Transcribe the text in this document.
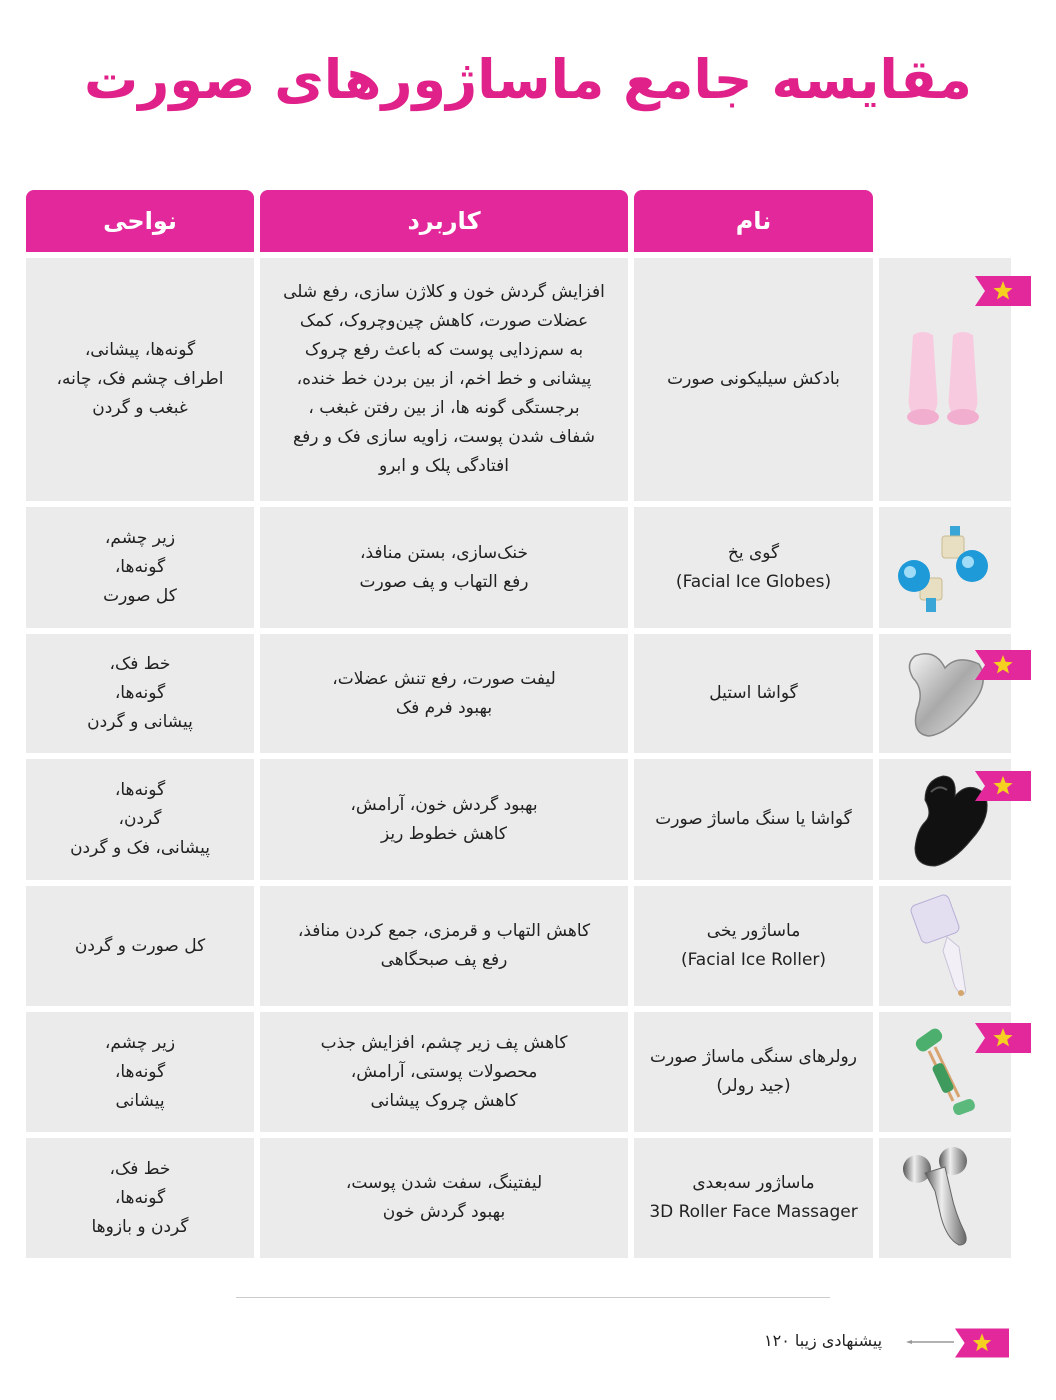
مقایسه جامع ماساژورهای صورت
نام
کاربرد
نواحی
بادکش سیلیکونی صورت
افزایش گردش خون و کلاژن سازی، رفع شلی
عضلات صورت، کاهش چین‌وچروک، کمک
به سم‌زدایی پوست که باعث رفع چروک
پیشانی و خط اخم، از بین بردن خط خنده،
برجستگی گونه ها، از بین رفتن غبغب ،
شفاف شدن پوست، زاویه سازی فک و رفع
افتادگی پلک و ابرو
گونه‌ها، پیشانی،
اطراف چشم فک، چانه،
غبغب و گردن
گوی یخ
(Facial Ice Globes)
خنک‌سازی، بستن منافذ،
رفع التهاب و پف صورت
زیر چشم،
گونه‌ها،
کل صورت
گواشا استیل
لیفت صورت، رفع تنش عضلات،
بهبود فرم فک
خط فک،
گونه‌ها،
پیشانی و گردن
گواشا یا سنگ ماساژ صورت
بهبود گردش خون، آرامش،
کاهش خطوط ریز
گونه‌ها،
گردن،
پیشانی، فک و گردن
ماساژور یخی
(Facial Ice Roller)
کاهش التهاب و قرمزی، جمع کردن منافذ،
رفع پف صبحگاهی
کل صورت و گردن
رولرهای سنگی ماساژ صورت
(جید رولر)
کاهش پف زیر چشم، افزایش جذب
محصولات پوستی، آرامش،
کاهش چروک پیشانی
زیر چشم،
گونه‌ها،
پیشانی
ماساژور سه‌بعدی
3D Roller Face Massager
لیفتینگ، سفت شدن پوست،
بهبود گردش خون
خط فک،
گونه‌ها،
گردن و بازوها
پیشنهادی زیبا ۱۲۰
